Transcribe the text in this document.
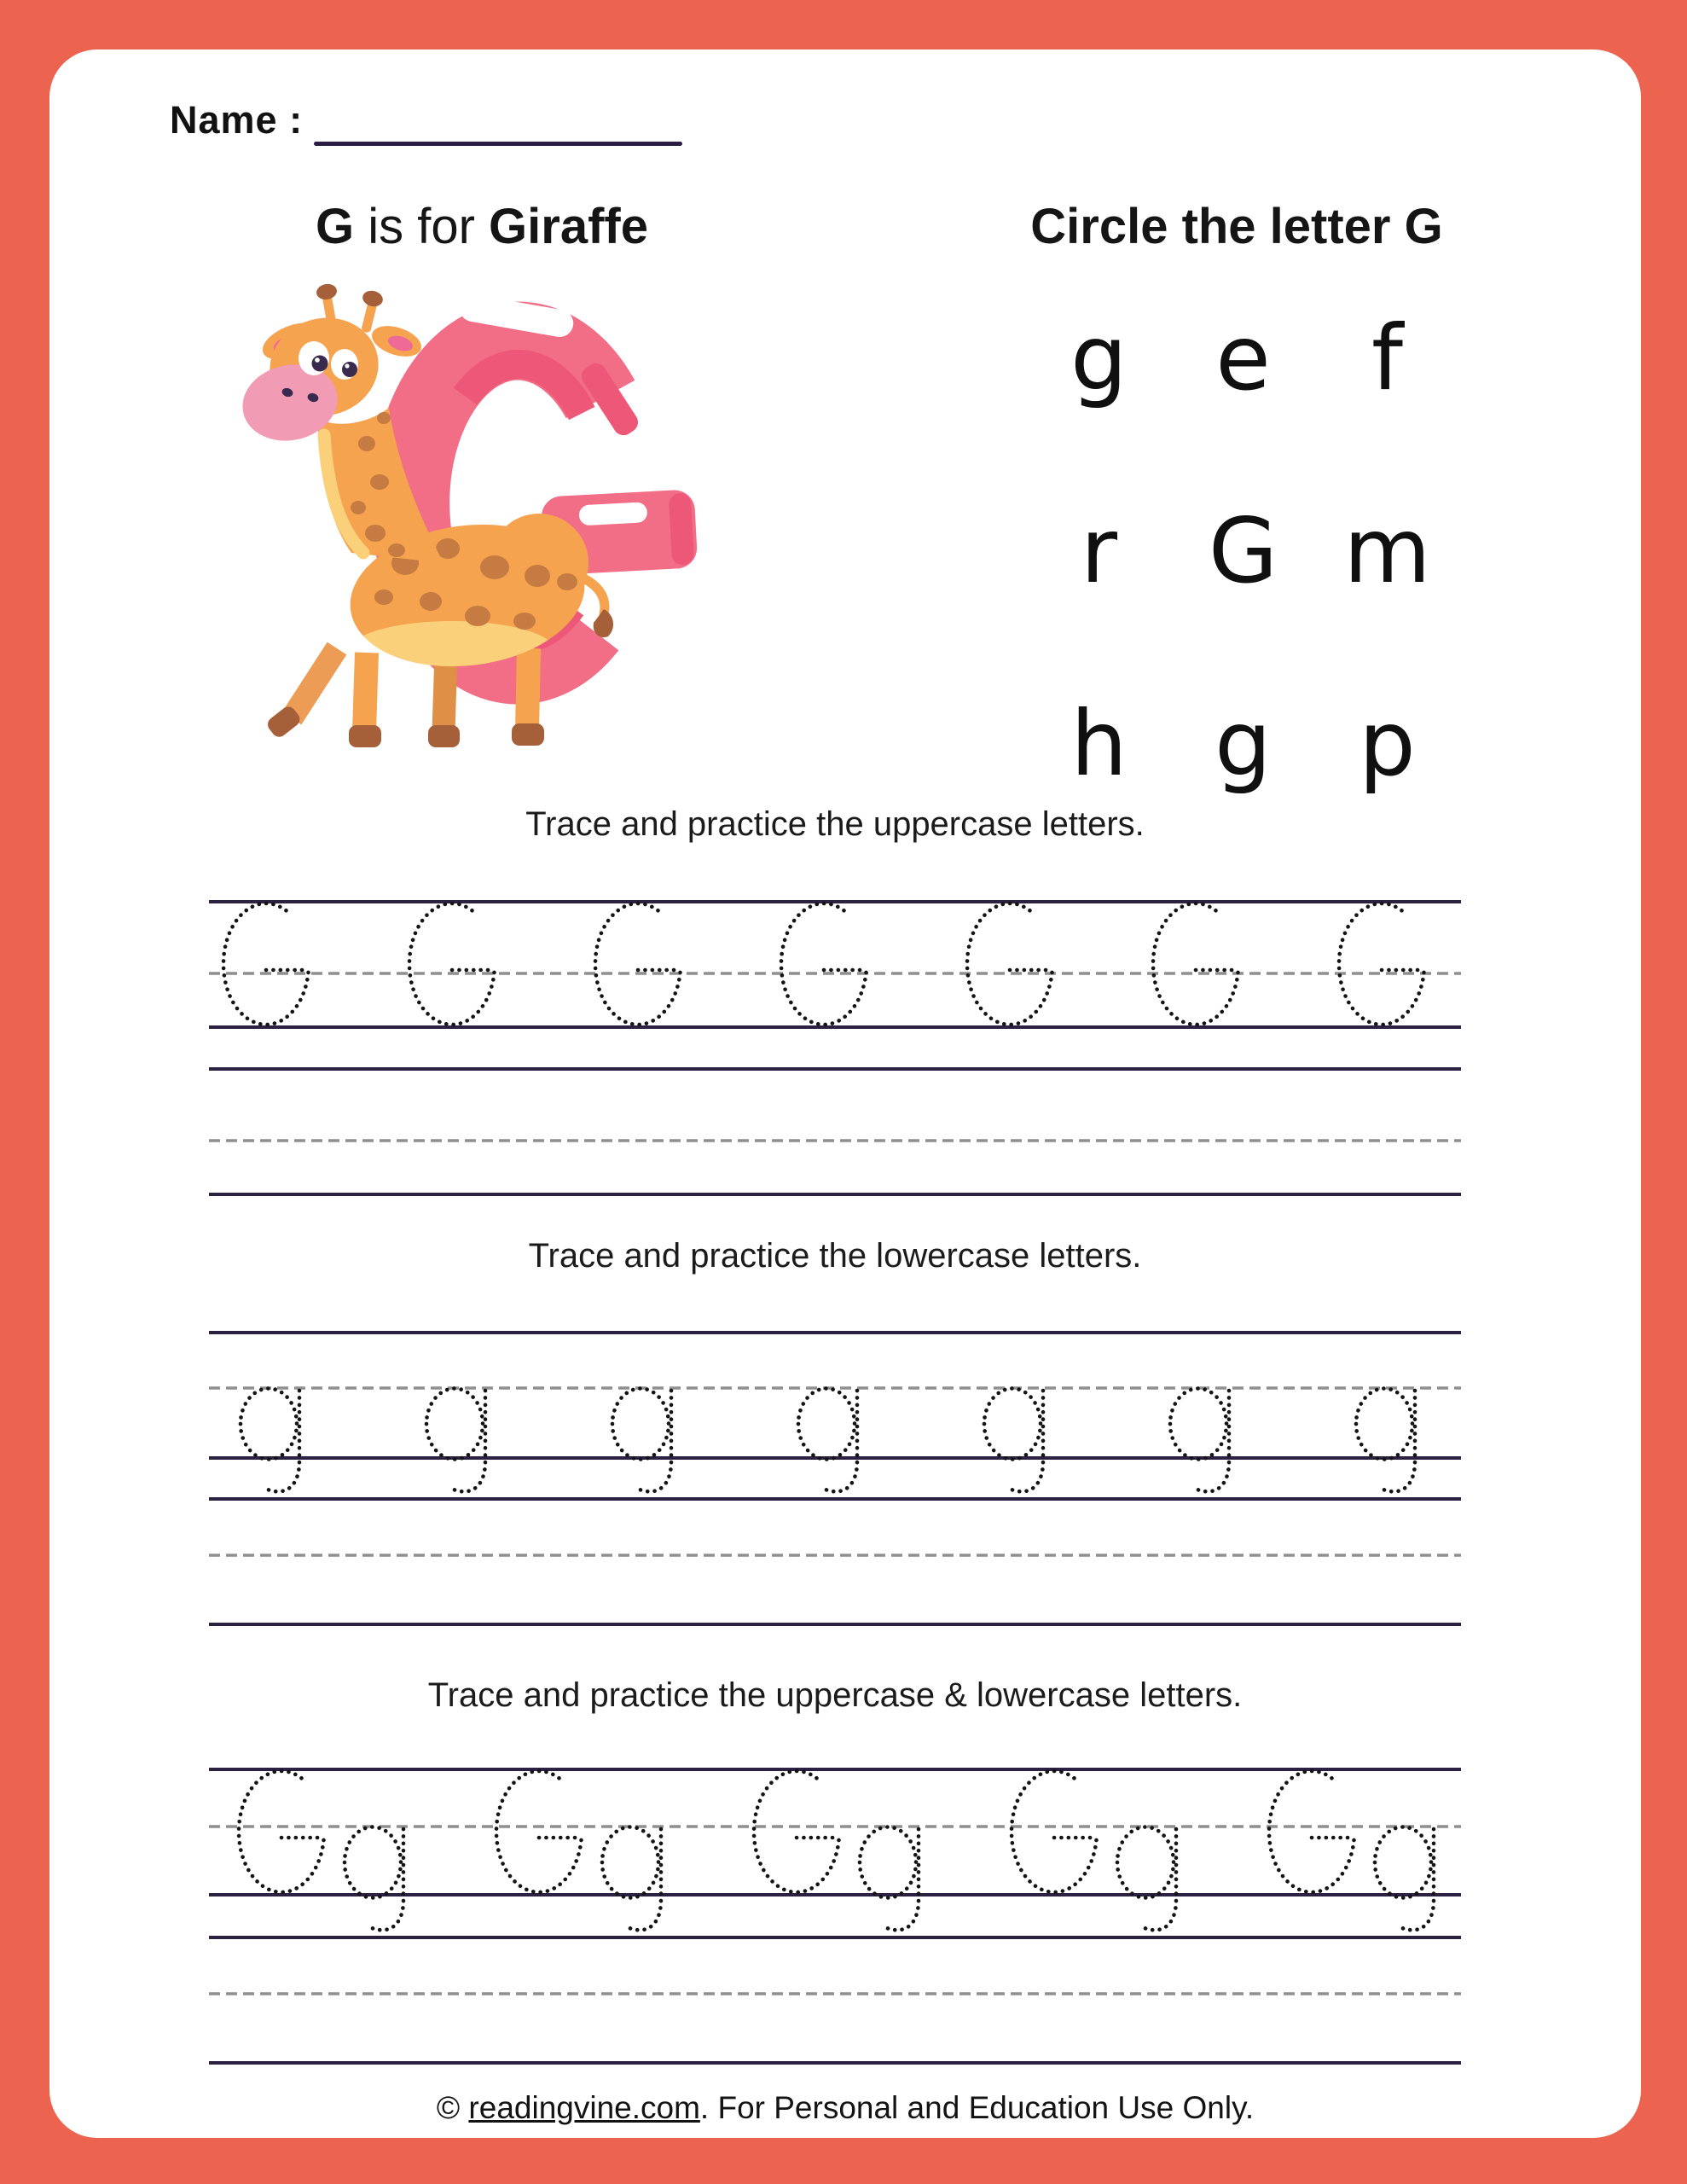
Name :
G is for Giraffe	Circle the letter G
g e f
r G m
h g p
Trace and practice the uppercase letters.
Trace and practice the lowercase letters.
Trace and practice the uppercase & lowercase letters.
© readingvine.com. For Personal and Education Use Only.
